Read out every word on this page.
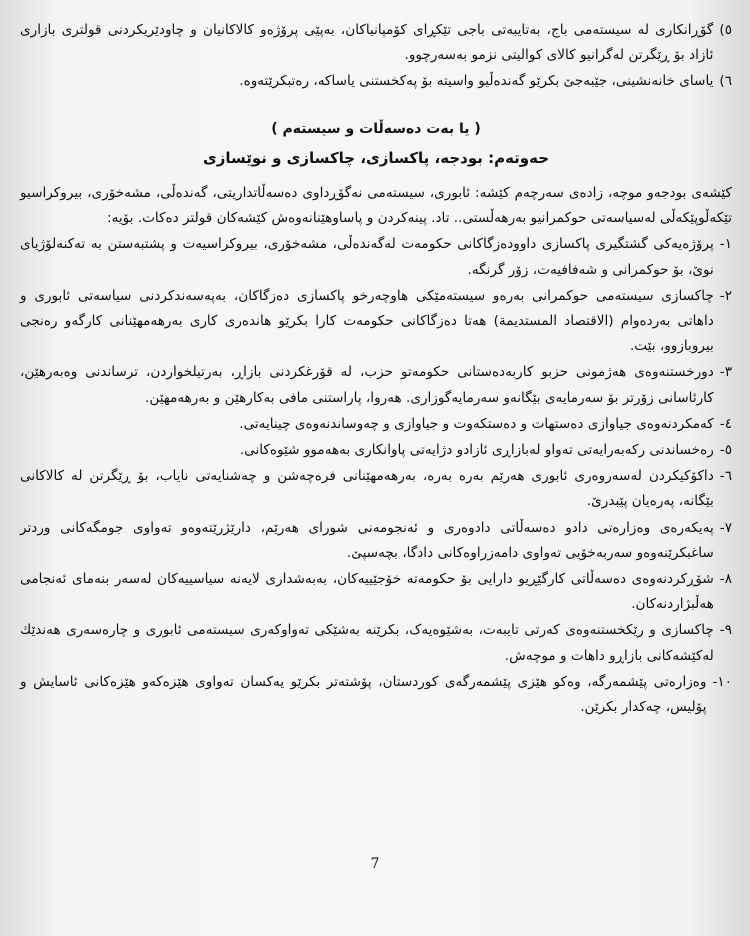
٥)
گۆڕانکاری لە سیستەمی باج، بەتایبەتی باجی تێکڕای کۆمپانیاکان، بەپێی پرۆژەو کالاکانیان و چاودێریکردنی قولتری بازاری ئازاد بۆ ڕێگرتن لەگرانیو کالای کوالیتی نزمو بەسەرچوو.
٦)
یاسای خانەنشینی، جێبەجێ بکرێو گەندەڵیو واسیتە بۆ پەکخستنی یاساکە، رەتبکرێتەوە.
( یا بەت دەسەڵات و سیستەم )
حەوتەم: بودجە، پاکسازی، چاکسازی و نوێسازی
کێشەی بودجەو موچە، زادەی سەرچەم کێشە: ئابوری، سیستەمی نەگۆڕداوی دەسەڵاتداریتی، گەندەڵی، مشەخۆری، بیروکراسیو تێکەڵوپێکەڵی لەسیاسەتی حوکمرانیو بەرهەڵستی.. تاد. پینەکردن و پاساوهێنانەوەش کێشەکان قولتر دەکات. بۆیە:
١-
پرۆژەیەکی گشتگیری پاکسازی داوودەزگاکانی حکومەت لەگەندەڵی، مشەخۆری، بیروکراسیەت و پشتبەستن بە تەکنەلۆژیای نوێ، بۆ حوکمرانی و شەفافیەت، زۆر گرنگە.
٢-
چاکسازی سیستەمی حوکمرانی بەرەو سیستەمێکی هاوچەرخو پاکسازی دەزگاکان، بەپەسەندکردنی سیاسەتی ئابوری و داهاتی بەردەوام (الاقتصاد المستديمة) هەتا دەزگاکانی حکومەت کارا بکرێو هاندەری کاری بەرهەمهێنانی کارگەو رەنجی بیروبازوو، بێت.
٣-
دورخستنەوەی هەژمونی حزبو کاربەدەستانی حکومەتو حزب، لە قۆرغکردنی بازاڕ، بەرتیلخواردن، ترساندنی وەبەرهێن، کارئاسانی زۆرتر بۆ سەرمایەی بێگانەو سەرمایەگوزاری. هەروا، پاراستنی مافی بەکارهێن و بەرهەمهێن.
٤-
کەمکردنەوەی جیاوازی دەستهات و دەستکەوت و جیاوازی و چەوساندنەوەی چینایەتی.
٥-
رەخساندنی رکەبەرایەتی تەواو لەبازاڕی ئازادو دژایەتی پاوانکاری بەهەموو شێوەکانی.
٦-
داکۆکیکردن لەسەروەری ئابوری هەرێم بەرە بەرە، بەرهەمهێنانی فرەچەشن و چەشنایەتی نایاب، بۆ ڕێگرتن لە کالاکانی بێگانە، پەرەیان پێبدرێ.
٧-
پەیکەرەی وەزارەتی دادو دەسەڵاتی دادوەری و ئەنجومەنی شورای هەرێم، دارێژرێتەوەو تەواوی جومگەکانی وردتر ساغبکرێنەوەو سەربەخۆیی تەواوی دامەزراوەکانی دادگا، بچەسپێ.
٨-
شۆڕکردنەوەی دەسەڵاتی کارگێڕیو دارایی بۆ حکومەتە خۆجێییەکان، بەبەشداری لایەنە سیاسییەکان لەسەر بنەمای ئەنجامی هەڵبژاردنەکان.
٩-
چاکسازی و رێکخستنەوەی کەرتی تایبەت، بەشێوەیەک، بکرێنە بەشێکی تەواوکەری سیستەمی ئابوری و چارەسەری هەندێك لەکێشەکانی بازاڕو داهات و موچەش.
١٠-
وەزارەتی پێشمەرگە، وەکو هێزی پێشمەرگەی کوردستان، پۆشتەتر بکرێو یەکسان تەواوی هێزەکەو هێزەکانی ئاسایش و پۆلیس، چەکدار بکرێن.
7
